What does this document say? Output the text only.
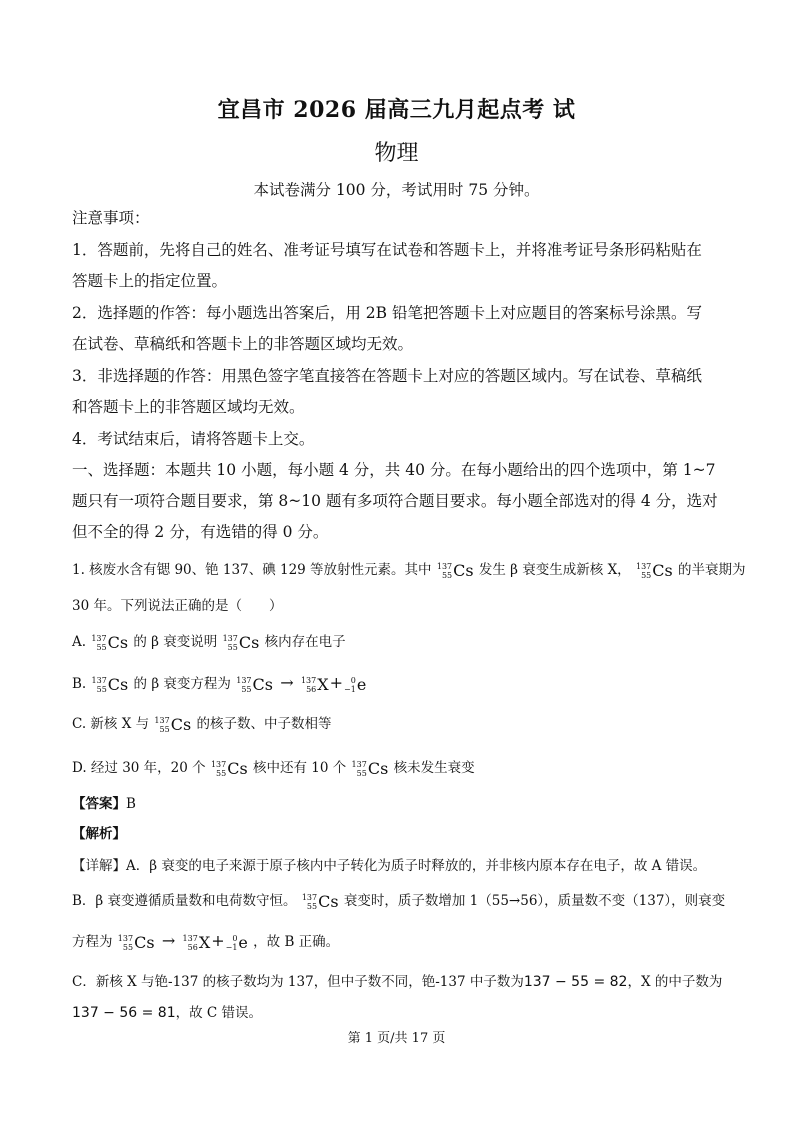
宜昌市 2026 届高三九月起点考 试
物理
本试卷满分 100 分，考试用时 75 分钟。
注意事项：
1．答题前，先将自己的姓名、准考证号填写在试卷和答题卡上，并将准考证号条形码粘贴在
答题卡上的指定位置。
2．选择题的作答：每小题选出答案后，用 2B 铅笔把答题卡上对应题目的答案标号涂黑。写
在试卷、草稿纸和答题卡上的非答题区域均无效。
3．非选择题的作答：用黑色签字笔直接答在答题卡上对应的答题区域内。写在试卷、草稿纸
和答题卡上的非答题区域均无效。
4．考试结束后，请将答题卡上交。
一、选择题：本题共 10 小题，每小题 4 分，共 40 分。在每小题给出的四个选项中，第 1~7
题只有一项符合题目要求，第 8~10 题有多项符合题目要求。每小题全部选对的得 4 分，选对
但不全的得 2 分，有选错的得 0 分。
1. 核废水含有锶 90、铯 137、碘 129 等放射性元素。其中 137
55 Cs 发生 β 衰变生成新核 X， 137
55 Cs 的半衰期为
30 年。下列说法正确的是（　　）
A. 137
55 Cs 的 β 衰变说明 137
55 Cs 核内存在电子
B. 137
55 Cs 的 β 衰变方程为 137
55 Cs → 137
56 X+ 0
−1 e
C. 新核 X 与 137
55 Cs 的核子数、中子数相等
D. 经过 30 年，20 个 137
55 Cs 核中还有 10 个 137
55 Cs 核未发生衰变
【答案】B
【解析】
【详解】A．β 衰变的电子来源于原子核内中子转化为质子时释放的，并非核内原本存在电子，故 A 错误。
B．β 衰变遵循质量数和电荷数守恒。 137
55 Cs 衰变时，质子数增加 1（55→56），质量数不变（137），则衰变
方程为 137
55 Cs → 137
56 X+ 0
−1 e ，故 B 正确。
C．新核 X 与铯-137 的核子数均为 137，但中子数不同，铯-137 中子数为137 − 55 = 82，X 的中子数为
137 − 56 = 81，故 C 错误。
第 1 页/共 17 页
